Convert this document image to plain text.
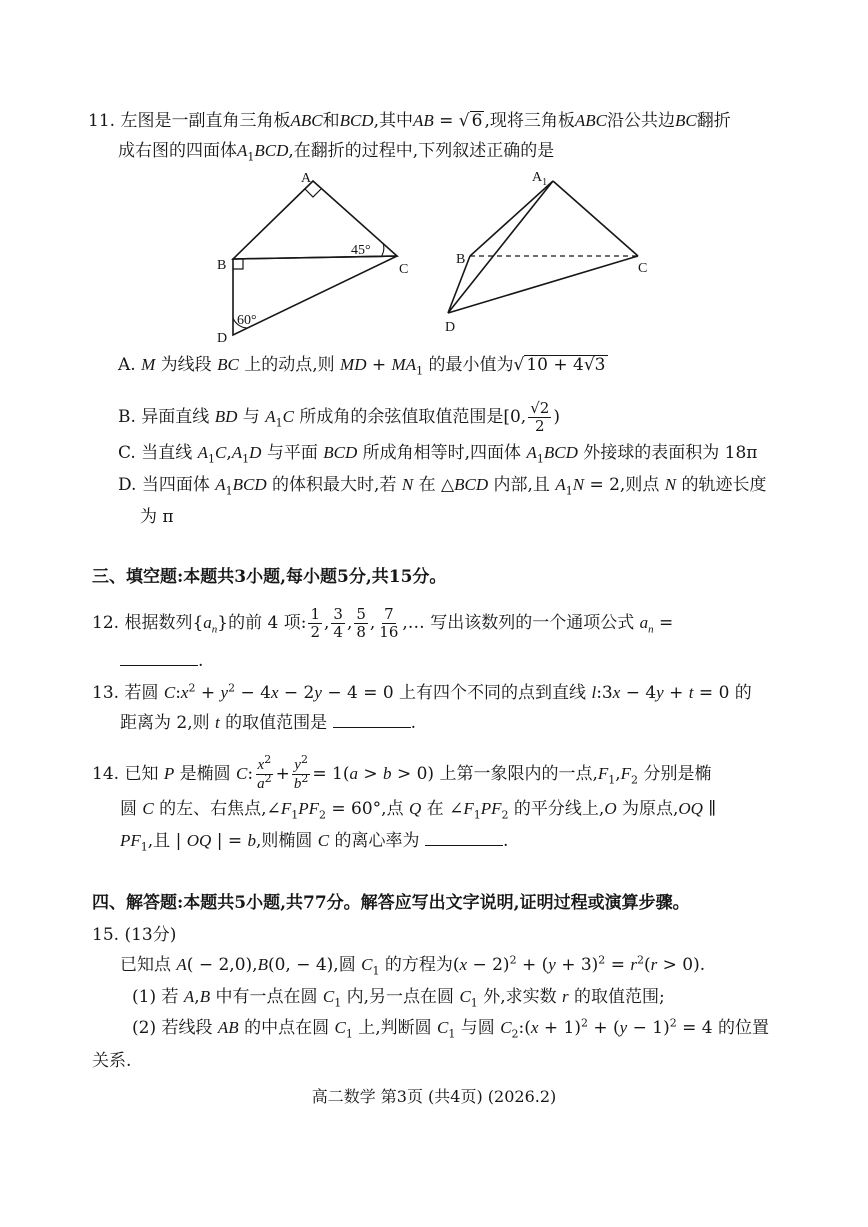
11. 左图是一副直角三角板ABC和BCD,其中AB = √ 6 ,现将三角板ABC沿公共边BC翻折
成右图的四面体$A_1BCD$,在翻折的过程中,下列叙述正确的是
A
B	C
D
45°
60°
$A_1$
B
C
D
A. M 为线段 BC 上的动点,则 MD + $MA_1$ 的最小值为√ 10 + 4√3
B. 异面直线 BD 与 $A_1C$ 所成角的余弦值取值范围是[0, $\frac{√2}{2}$ )
C. 当直线 $A_1C,A_1D$ 与平面 BCD 所成角相等时,四面体 $A_1BCD$ 外接球的表面积为 18π
D. 当四面体 $A_1BCD$ 的体积最大时,若 N 在 △BCD 内部,且 $A_1N = 2$,则点 N 的轨迹长度
为 π
三、填空题:本题共3小题,每小题5分,共15分。
12. 根据数列$\{a_n\}$的前 4 项: $\frac{1}{2}$ , $\frac{3}{4}$ , $\frac{5}{8}$ , $\frac{7}{16}$ ,… 写出该数列的一个通项公式 $a_n$ =
.
13. 若圆 $C:x^2 + y^2 - 4x - 2y - 4 = 0$ 上有四个不同的点到直线 l:3x − 4y + t = 0 的
距离为 2,则 t 的取值范围是	.
14. 已知 P 是椭圆 C: $\frac{x^2}{a^2} + \frac{y^2}{b^2} = 1(a > b > 0)$ 上第一象限内的一点$,F_1,F_2$ 分别是椭
圆 C 的左、右焦点$,\angle F_1PF_2 = 60^\circ$,点 Q 在 $\angle F_1PF_2$ 的平分线上,O 为原点,OQ ∥
$PF_1$,且 | OQ | = b,则椭圆 C 的离心率为	.
四、解答题:本题共5小题,共77分。解答应写出文字说明,证明过程或演算步骤。
15. (13分)
已知点 A( − 2,0),B(0, − 4),圆 $C_1$ 的方程为$(x - 2)^2 + (y + 3)^2 = r^2(r > 0)$.
(1) 若 A,B 中有一点在圆 $C_1$ 内,另一点在圆 $C_1$ 外,求实数 r 的取值范围;
(2) 若线段 AB 的中点在圆 $C_1$ 上,判断圆 $C_1$ 与圆 $C_2:(x + 1)^2 + (y - 1)^2 = 4$ 的位置
关系.
高二数学 第3页 (共4页) (2026.2)
